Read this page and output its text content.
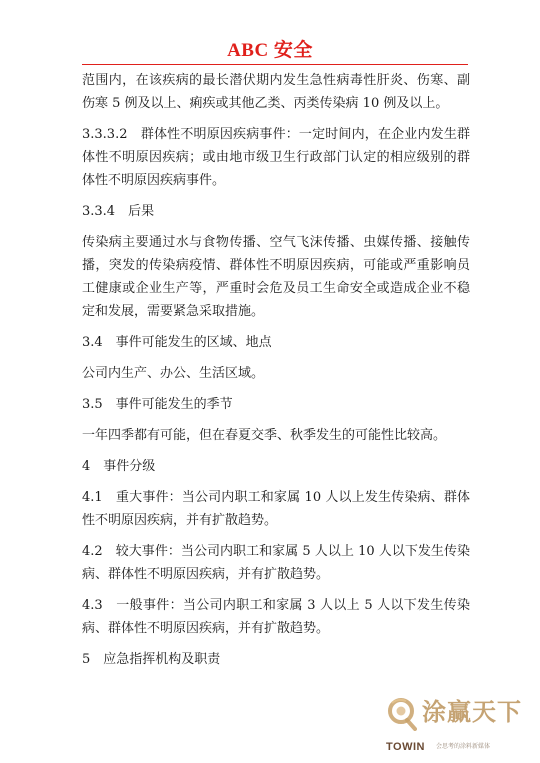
ABC 安全

范围内，在该疾病的最长潜伏期内发生急性病毒性肝炎、伤寒、副伤寒 5 例及以上、痢疾或其他乙类、丙类传染病 10 例及以上。

3.3.3.2　群体性不明原因疾病事件：一定时间内，在企业内发生群体性不明原因疾病；或由地市级卫生行政部门认定的相应级别的群体性不明原因疾病事件。

3.3.4　后果

传染病主要通过水与食物传播、空气飞沫传播、虫媒传播、接触传播，突发的传染病疫情、群体性不明原因疾病，可能或严重影响员工健康或企业生产等，严重时会危及员工生命安全或造成企业不稳定和发展，需要紧急采取措施。

3.4　事件可能发生的区域、地点

公司内生产、办公、生活区域。

3.5　事件可能发生的季节

一年四季都有可能，但在春夏交季、秋季发生的可能性比较高。

4　事件分级

4.1　重大事件：当公司内职工和家属 10 人以上发生传染病、群体性不明原因疾病，并有扩散趋势。

4.2　较大事件：当公司内职工和家属 5 人以上 10 人以下发生传染病、群体性不明原因疾病，并有扩散趋势。

4.3　一般事件：当公司内职工和家属 3 人以上 5 人以下发生传染病、群体性不明原因疾病，并有扩散趋势。

5　应急指挥机构及职责

涂赢天下
TOWIN 会思考的涂料新媒体
